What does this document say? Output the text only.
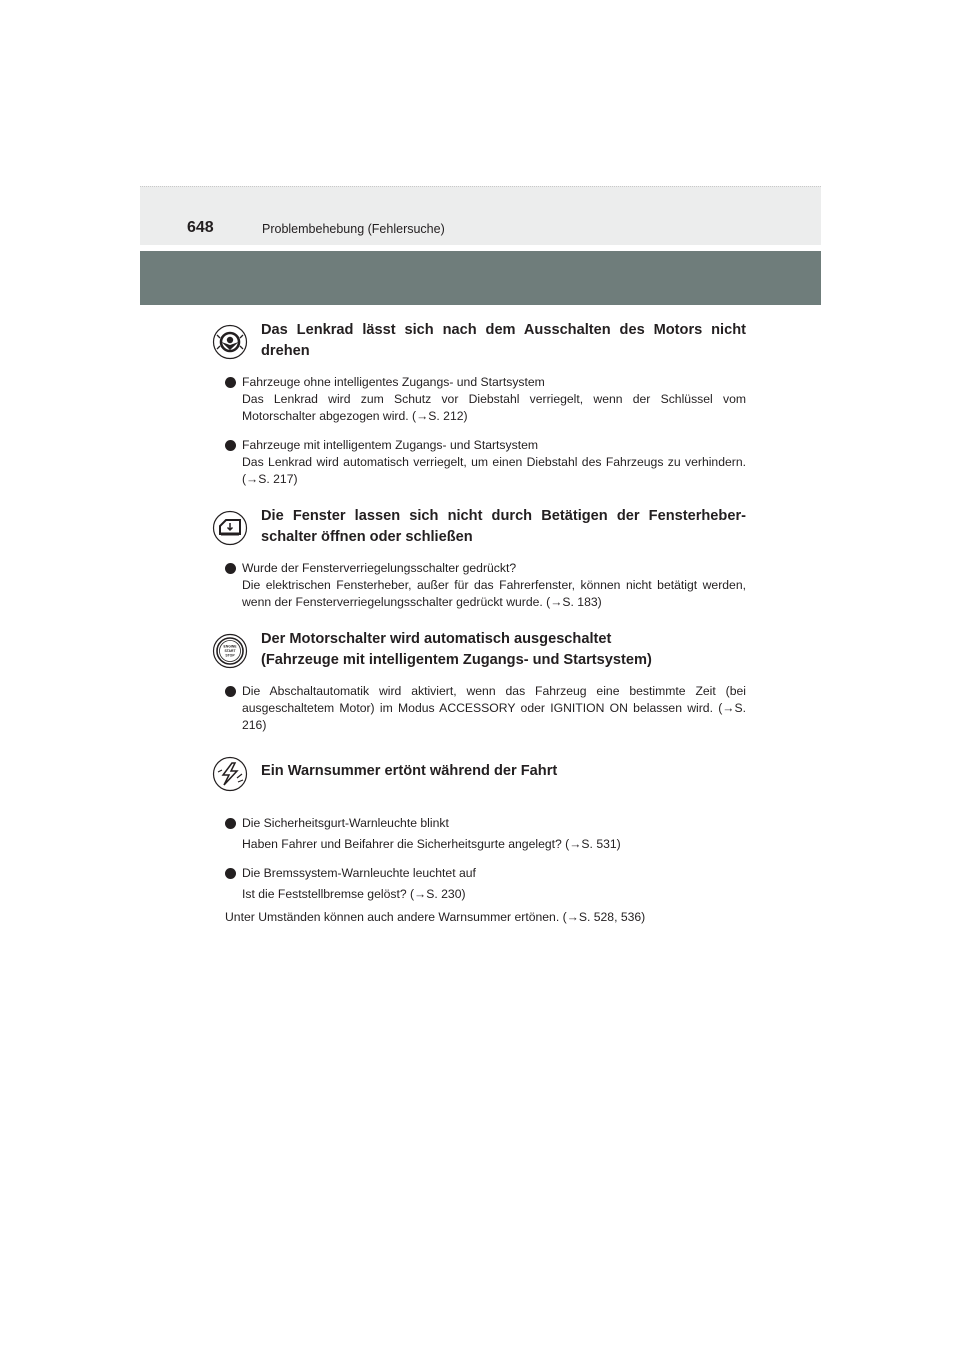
648	Problembehebung (Fehlersuche)
Das Lenkrad lässt sich nach dem Ausschalten des Motors nicht drehen
Fahrzeuge ohne intelligentes Zugangs- und Startsystem
Das Lenkrad wird zum Schutz vor Diebstahl verriegelt, wenn der Schlüssel vom Motorschalter abgezogen wird. (→S. 212)
Fahrzeuge mit intelligentem Zugangs- und Startsystem
Das Lenkrad wird automatisch verriegelt, um einen Diebstahl des Fahrzeugs zu verhindern. (→S. 217)
Die Fenster lassen sich nicht durch Betätigen der Fensterheber-schalter öffnen oder schließen
Wurde der Fensterverriegelungsschalter gedrückt?
Die elektrischen Fensterheber, außer für das Fahrerfenster, können nicht betätigt werden, wenn der Fensterverriegelungsschalter gedrückt wurde. (→S. 183)
ENGINE
START
STOP
Der Motorschalter wird automatisch ausgeschaltet
(Fahrzeuge mit intelligentem Zugangs- und Startsystem)
Die Abschaltautomatik wird aktiviert, wenn das Fahrzeug eine bestimmte Zeit (bei ausgeschaltetem Motor) im Modus ACCESSORY oder IGNITION ON belassen wird. (→S. 216)
Ein Warnsummer ertönt während der Fahrt
Die Sicherheitsgurt-Warnleuchte blinkt
Haben Fahrer und Beifahrer die Sicherheitsgurte angelegt? (→S. 531)
Die Bremssystem-Warnleuchte leuchtet auf
Ist die Feststellbremse gelöst? (→S. 230)
Unter Umständen können auch andere Warnsummer ertönen. (→S. 528, 536)
